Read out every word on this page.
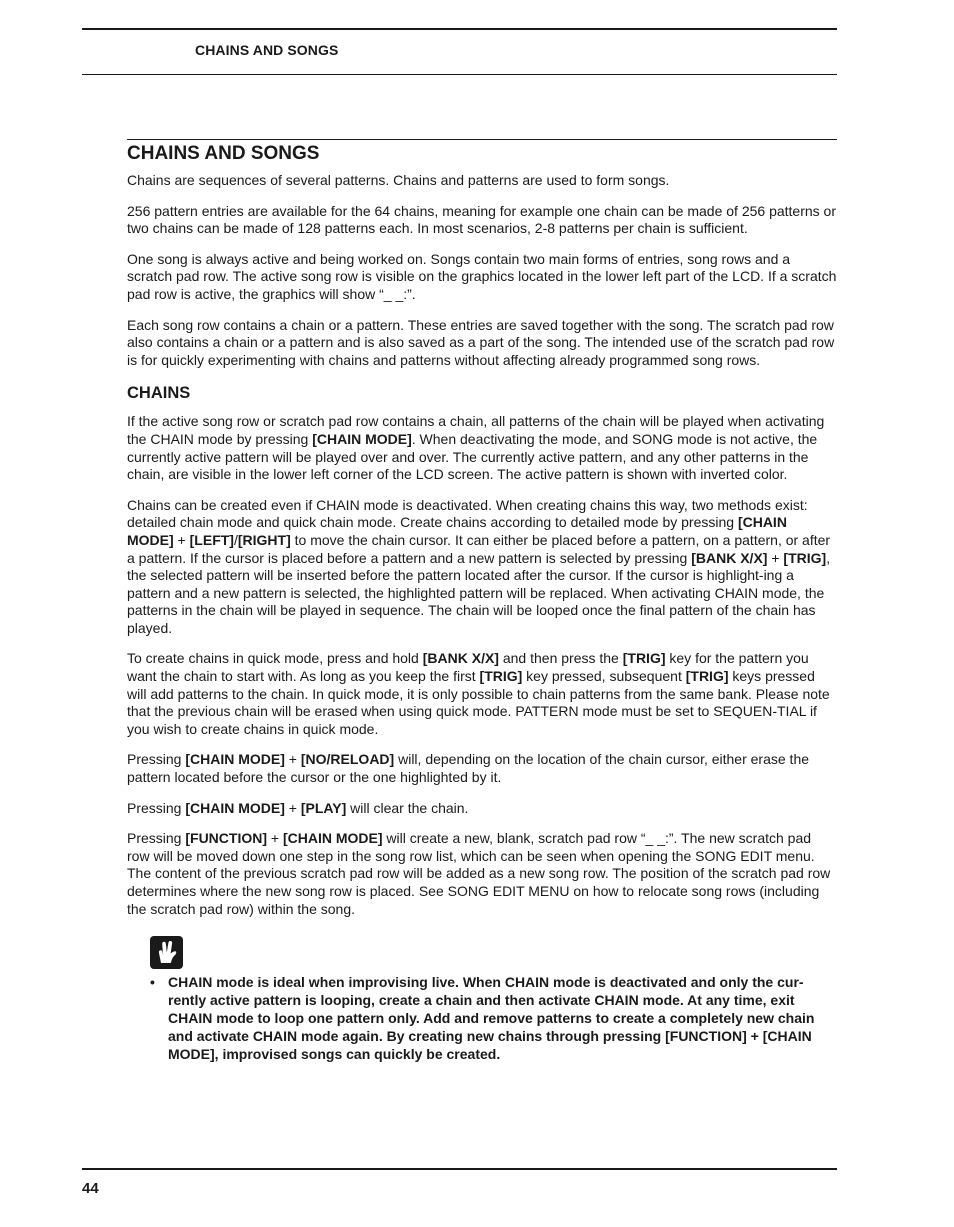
CHAINS AND SONGS
CHAINS AND SONGS

Chains are sequences of several patterns. Chains and patterns are used to form songs.

256 pattern entries are available for the 64 chains, meaning for example one chain can be made of 256 patterns or two chains can be made of 128 patterns each. In most scenarios, 2-8 patterns per chain is sufficient.

One song is always active and being worked on. Songs contain two main forms of entries, song rows and a scratch pad row. The active song row is visible on the graphics located in the lower left part of the LCD. If a scratch pad row is active, the graphics will show “_ _:”.

Each song row contains a chain or a pattern. These entries are saved together with the song. The scratch pad row also contains a chain or a pattern and is also saved as a part of the song. The intended use of the scratch pad row is for quickly experimenting with chains and patterns without affecting already programmed song rows.

CHAINS

If the active song row or scratch pad row contains a chain, all patterns of the chain will be played when activating the CHAIN mode by pressing [CHAIN MODE]. When deactivating the mode, and SONG mode is not active, the currently active pattern will be played over and over. The currently active pattern, and any other patterns in the chain, are visible in the lower left corner of the LCD screen. The active pattern is shown with inverted color.

Chains can be created even if CHAIN mode is deactivated. When creating chains this way, two methods exist: detailed chain mode and quick chain mode. Create chains according to detailed mode by pressing [CHAIN MODE] + [LEFT]/[RIGHT] to move the chain cursor. It can either be placed before a pattern, on a pattern, or after a pattern. If the cursor is placed before a pattern and a new pattern is selected by pressing [BANK X/X] + [TRIG], the selected pattern will be inserted before the pattern located after the cursor. If the cursor is highlight-ing a pattern and a new pattern is selected, the highlighted pattern will be replaced. When activating CHAIN mode, the patterns in the chain will be played in sequence. The chain will be looped once the final pattern of the chain has played.

To create chains in quick mode, press and hold [BANK X/X] and then press the [TRIG] key for the pattern you want the chain to start with. As long as you keep the first [TRIG] key pressed, subsequent [TRIG] keys pressed will add patterns to the chain. In quick mode, it is only possible to chain patterns from the same bank. Please note that the previous chain will be erased when using quick mode. PATTERN mode must be set to SEQUEN-TIAL if you wish to create chains in quick mode.

Pressing [CHAIN MODE] + [NO/RELOAD] will, depending on the location of the chain cursor, either erase the pattern located before the cursor or the one highlighted by it.

Pressing [CHAIN MODE] + [PLAY] will clear the chain.

Pressing [FUNCTION] + [CHAIN MODE] will create a new, blank, scratch pad row “_ _:”. The new scratch pad row will be moved down one step in the song row list, which can be seen when opening the SONG EDIT menu. The content of the previous scratch pad row will be added as a new song row. The position of the scratch pad row determines where the new song row is placed. See SONG EDIT MENU on how to relocate song rows (including the scratch pad row) within the song.

• CHAIN mode is ideal when improvising live. When CHAIN mode is deactivated and only the cur-rently active pattern is looping, create a chain and then activate CHAIN mode. At any time, exit CHAIN mode to loop one pattern only. Add and remove patterns to create a completely new chain and activate CHAIN mode again. By creating new chains through pressing [FUNCTION] + [CHAIN MODE], improvised songs can quickly be created.
44
